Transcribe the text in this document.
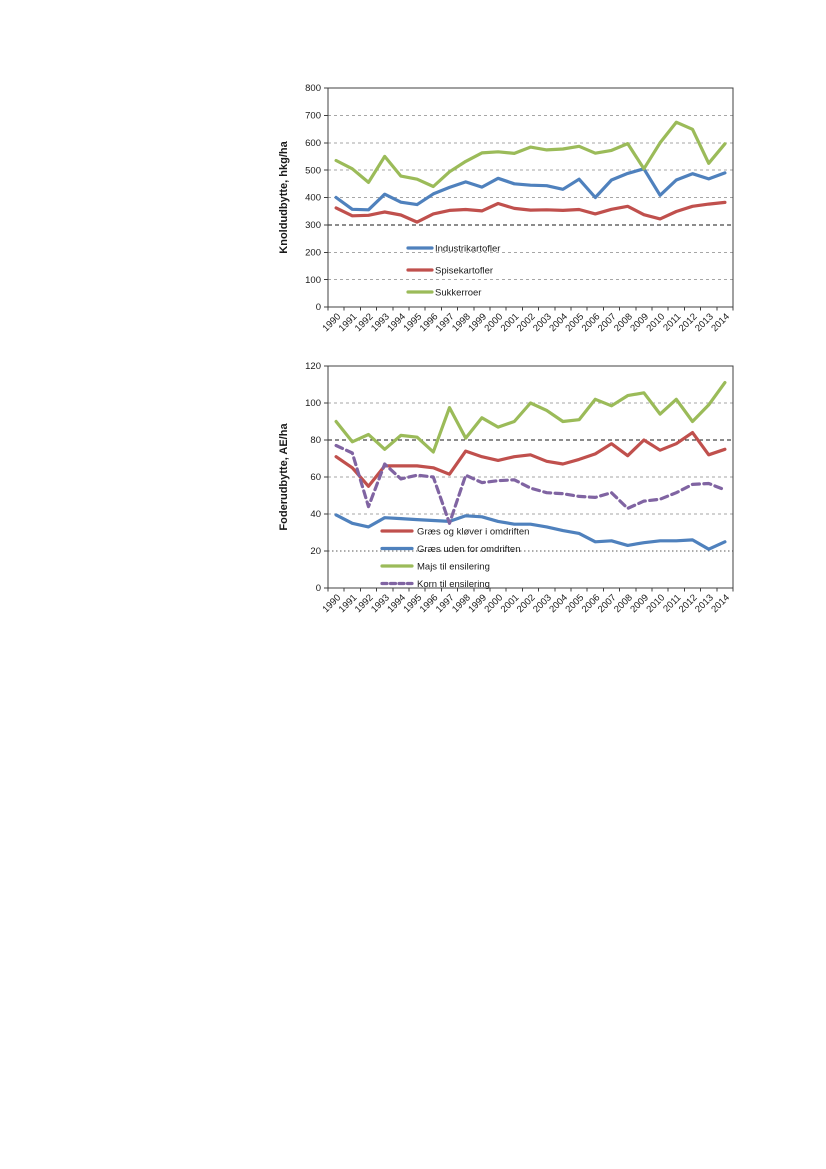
0
100
200
300
400
500
600
700
800
1990
1991
1992
1993
1994
1995
1996
1997
1998
1999
2000
2001
2002
2003
2004
2005
2006
2007
2008
2009
2010
2011
2012
2013
2014
Industrikartofler
Spisekartofler
Sukkerroer
Knoldudbytte, hkg/ha
0
20
40
60
80
100
120
1990
1991
1992
1993
1994
1995
1996
1997
1998
1999
2000
2001
2002
2003
2004
2005
2006
2007
2008
2009
2010
2011
2012
2013
2014
Græs og kløver i omdriften
Græs uden for omdriften
Majs til ensilering
Korn til ensilering
Foderudbytte, AE/ha
